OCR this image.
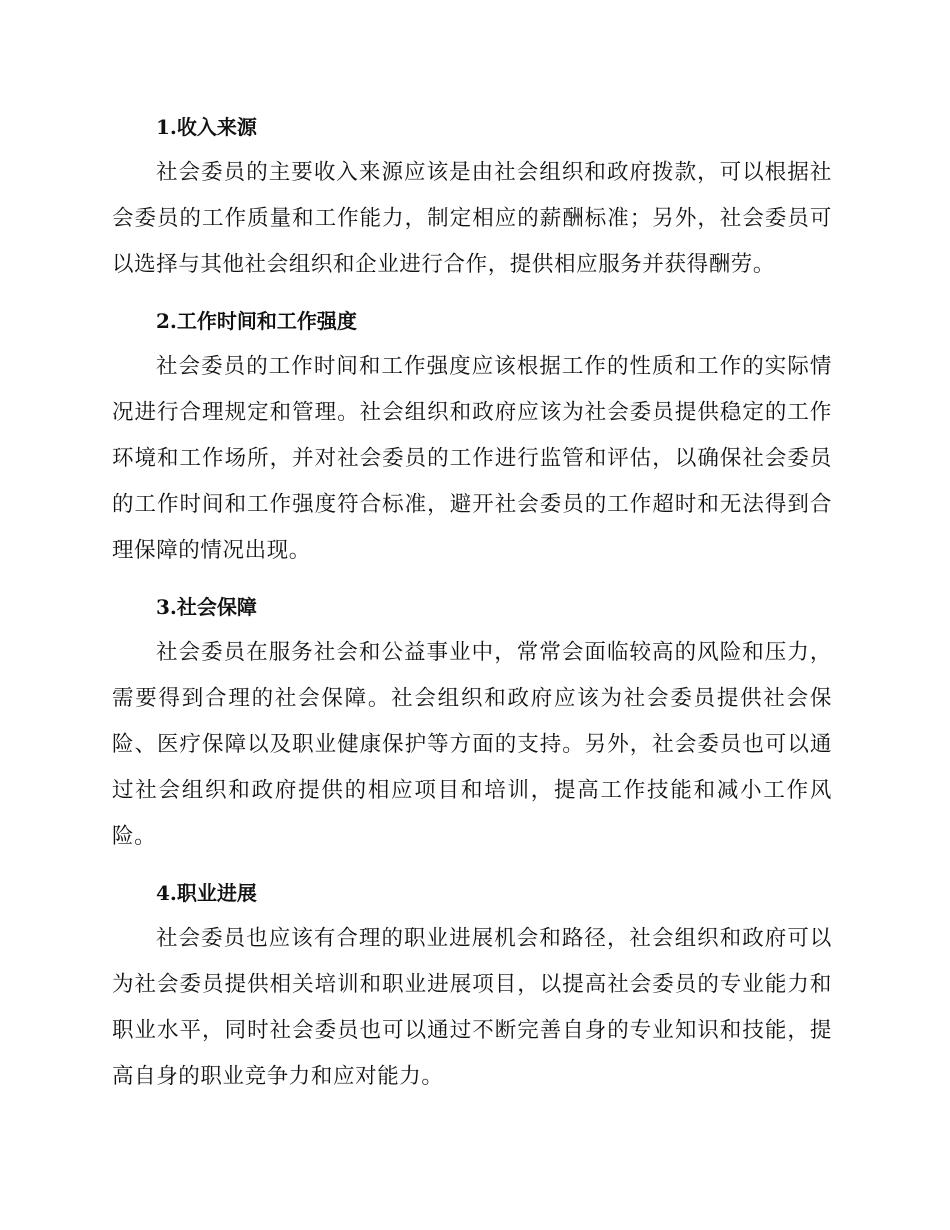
1.收入来源

社会委员的主要收入来源应该是由社会组织和政府拨款，可以根据社会委员的工作质量和工作能力，制定相应的薪酬标准；另外，社会委员可以选择与其他社会组织和企业进行合作，提供相应服务并获得酬劳。

2.工作时间和工作强度

社会委员的工作时间和工作强度应该根据工作的性质和工作的实际情况进行合理规定和管理。社会组织和政府应该为社会委员提供稳定的工作环境和工作场所，并对社会委员的工作进行监管和评估，以确保社会委员的工作时间和工作强度符合标准，避开社会委员的工作超时和无法得到合理保障的情况出现。

3.社会保障

社会委员在服务社会和公益事业中，常常会面临较高的风险和压力，需要得到合理的社会保障。社会组织和政府应该为社会委员提供社会保险、医疗保障以及职业健康保护等方面的支持。另外，社会委员也可以通过社会组织和政府提供的相应项目和培训，提高工作技能和减小工作风险。

4.职业进展

社会委员也应该有合理的职业进展机会和路径，社会组织和政府可以为社会委员提供相关培训和职业进展项目，以提高社会委员的专业能力和职业水平，同时社会委员也可以通过不断完善自身的专业知识和技能，提高自身的职业竞争力和应对能力。
